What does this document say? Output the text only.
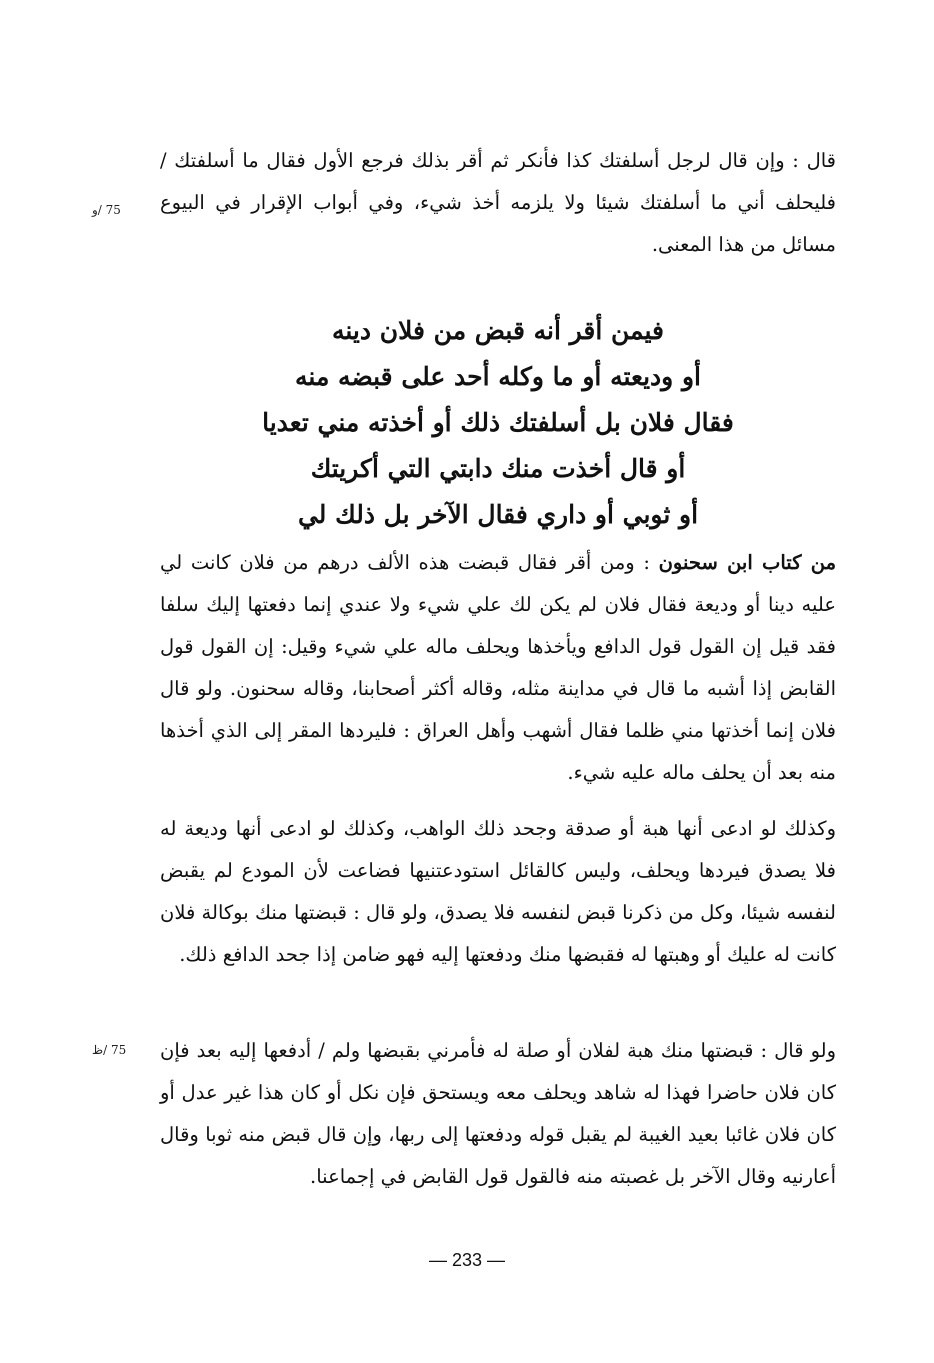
75 /و

قال : وإن قال لرجل أسلفتك كذا فأنكر ثم أقر بذلك فرجع الأول فقال ما أسلفتك / فليحلف أني ما أسلفتك شيئا ولا يلزمه أخذ شيء، وفي أبواب الإقرار في البيوع مسائل من هذا المعنى.

فيمن أقر أنه قبض من فلان دينه
أو وديعته أو ما وكله أحد على قبضه منه
فقال فلان بل أسلفتك ذلك أو أخذته مني تعديا
أو قال أخذت منك دابتي التي أكريتك
أو ثوبي أو داري فقال الآخر بل ذلك لي

من كتاب ابن سحنون : ومن أقر فقال قبضت هذه الألف درهم من فلان كانت لي عليه دينا أو وديعة فقال فلان لم يكن لك علي شيء ولا عندي إنما دفعتها إليك سلفا فقد قيل إن القول قول الدافع ويأخذها ويحلف ماله علي شيء وقيل: إن القول قول القابض إذا أشبه ما قال في مداينة مثله، وقاله أكثر أصحابنا، وقاله سحنون. ولو قال فلان إنما أخذتها مني ظلما فقال أشهب وأهل العراق : فليردها المقر إلى الذي أخذها منه بعد أن يحلف ماله عليه شيء.

وكذلك لو ادعى أنها هبة أو صدقة وجحد ذلك الواهب، وكذلك لو ادعى أنها وديعة له فلا يصدق فيردها ويحلف، وليس كالقائل استودعتنيها فضاعت لأن المودع لم يقبض لنفسه شيئا، وكل من ذكرنا قبض لنفسه فلا يصدق، ولو قال : قبضتها منك بوكالة فلان كانت له عليك أو وهبتها له فقبضها منك ودفعتها إليه فهو ضامن إذا جحد الدافع ذلك.

75 /ظ ولو قال : قبضتها منك هبة لفلان أو صلة له فأمرني بقبضها ولم / أدفعها إليه بعد فإن كان فلان حاضرا فهذا له شاهد ويحلف معه ويستحق فإن نكل أو كان هذا غير عدل أو كان فلان غائبا بعيد الغيبة لم يقبل قوله ودفعتها إلى ربها، وإن قال قبض منه ثوبا وقال أعارنيه وقال الآخر بل غصبته منه فالقول قول القابض في إجماعنا.

— 233 —
